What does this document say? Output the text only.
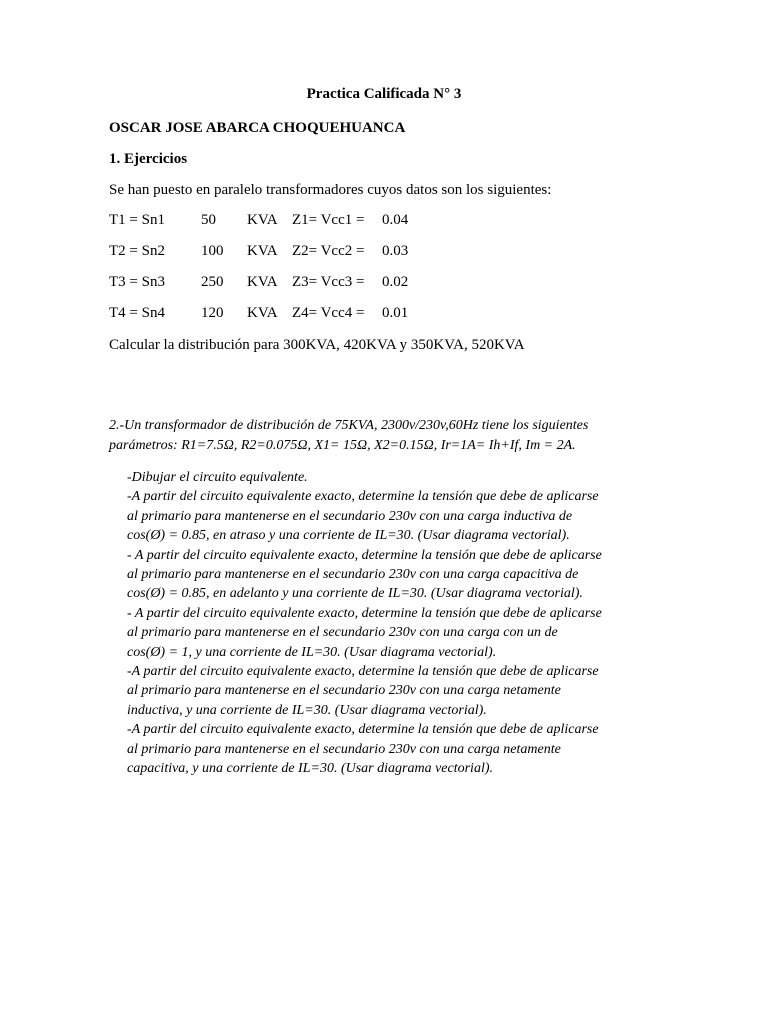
Practica Calificada N° 3
OSCAR JOSE ABARCA CHOQUEHUANCA
1. Ejercicios
Se han puesto en paralelo transformadores cuyos datos son los siguientes:
T1 = Sn1 50 KVA Z1= Vcc1 = 0.04
T2 = Sn2 100 KVA Z2= Vcc2 = 0.03
T3 = Sn3 250 KVA Z3= Vcc3 = 0.02
T4 = Sn4 120 KVA Z4= Vcc4 = 0.01
Calcular la distribución para 300KVA, 420KVA y 350KVA, 520KVA
2.-Un transformador de distribución de 75KVA, 2300v/230v,60Hz tiene los siguientes
parámetros: R1=7.5Ω, R2=0.075Ω, X1= 15Ω, X2=0.15Ω, Ir=1A= Ih+If, Im = 2A.
-Dibujar el circuito equivalente.
-A partir del circuito equivalente exacto, determine la tensión que debe de aplicarse
al primario para mantenerse en el secundario 230v con una carga inductiva de
cos(Ø) = 0.85, en atraso y una corriente de IL=30. (Usar diagrama vectorial).
- A partir del circuito equivalente exacto, determine la tensión que debe de aplicarse
al primario para mantenerse en el secundario 230v con una carga capacitiva de
cos(Ø) = 0.85, en adelanto y una corriente de IL=30. (Usar diagrama vectorial).
- A partir del circuito equivalente exacto, determine la tensión que debe de aplicarse
al primario para mantenerse en el secundario 230v con una carga con un de
cos(Ø) = 1, y una corriente de IL=30. (Usar diagrama vectorial).
-A partir del circuito equivalente exacto, determine la tensión que debe de aplicarse
al primario para mantenerse en el secundario 230v con una carga netamente
inductiva, y una corriente de IL=30. (Usar diagrama vectorial).
-A partir del circuito equivalente exacto, determine la tensión que debe de aplicarse
al primario para mantenerse en el secundario 230v con una carga netamente
capacitiva, y una corriente de IL=30. (Usar diagrama vectorial).
